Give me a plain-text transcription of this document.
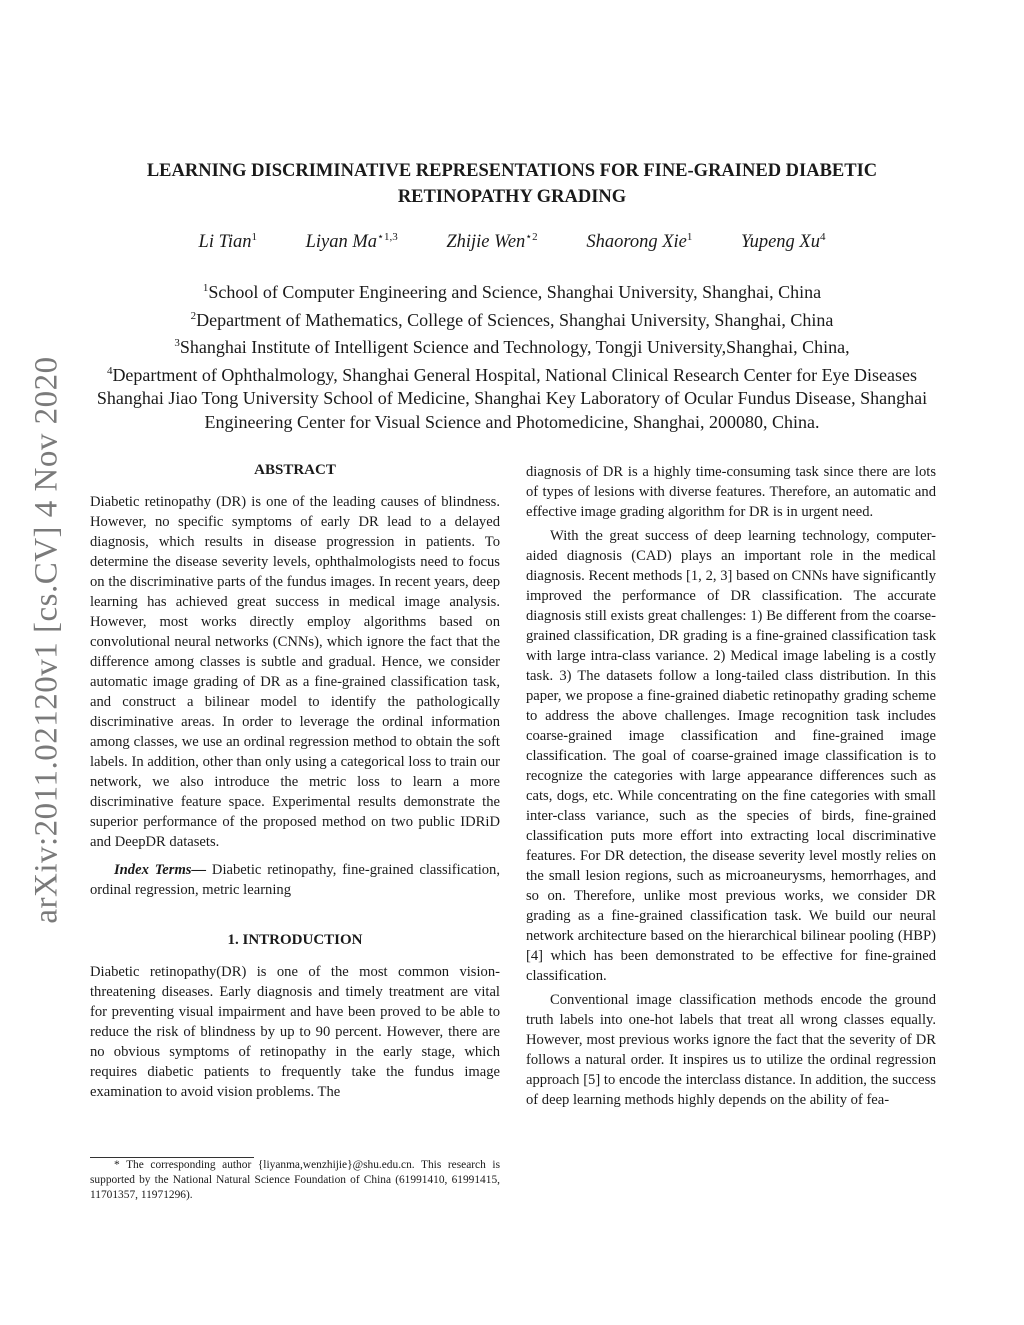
arXiv:2011.02120v1 [cs.CV] 4 Nov 2020
LEARNING DISCRIMINATIVE REPRESENTATIONS FOR FINE-GRAINED DIABETIC RETINOPATHY GRADING
Li Tian$^1$	Liyan $Ma^{⋆1,3}$	Zhijie Wen$^{⋆2}$	Shaorong Xie$^1$	Yupeng Xu$^4$
$^1$School of Computer Engineering and Science, Shanghai University, Shanghai, China
$^2$Department of Mathematics, College of Sciences, Shanghai University, Shanghai, China
$^3$Shanghai Institute of Intelligent Science and Technology, Tongji University,Shanghai, China,
$^4$Department of Ophthalmology, Shanghai General Hospital, National Clinical Research Center for Eye Diseases Shanghai Jiao Tong University School of Medicine, Shanghai Key Laboratory of Ocular Fundus Disease, Shanghai Engineering Center for Visual Science and Photomedicine, Shanghai, 200080, China.
ABSTRACT

Diabetic retinopathy (DR) is one of the leading causes of blindness. However, no specific symptoms of early DR lead to a delayed diagnosis, which results in disease progression in patients. To determine the disease severity levels, ophthalmologists need to focus on the discriminative parts of the fundus images. In recent years, deep learning has achieved great success in medical image analysis. However, most works directly employ algorithms based on convolutional neural networks (CNNs), which ignore the fact that the difference among classes is subtle and gradual. Hence, we consider automatic image grading of DR as a fine-grained classification task, and construct a bilinear model to identify the pathologically discriminative areas. In order to leverage the ordinal information among classes, we use an ordinal regression method to obtain the soft labels. In addition, other than only using a categorical loss to train our network, we also introduce the metric loss to learn a more discriminative feature space. Experimental results demonstrate the superior performance of the proposed method on two public IDRiD and DeepDR datasets.

Index Terms— Diabetic retinopathy, fine-grained classification, ordinal regression, metric learning

1. INTRODUCTION

Diabetic retinopathy(DR) is one of the most common vision-threatening diseases. Early diagnosis and timely treatment are vital for preventing visual impairment and have been proved to be able to reduce the risk of blindness by up to 90 percent. However, there are no obvious symptoms of retinopathy in the early stage, which requires diabetic patients to frequently take the fundus image examination to avoid vision problems. The

* The corresponding author {liyanma,wenzhijie}@shu.edu.cn. This research is supported by the National Natural Science Foundation of China (61991410, 61991415, 11701357, 11971296).

diagnosis of DR is a highly time-consuming task since there are lots of types of lesions with diverse features. Therefore, an automatic and effective image grading algorithm for DR is in urgent need.

With the great success of deep learning technology, computer-aided diagnosis (CAD) plays an important role in the medical diagnosis. Recent methods [1, 2, 3] based on CNNs have significantly improved the performance of DR classification. The accurate diagnosis still exists great challenges: 1) Be different from the coarse-grained classification, DR grading is a fine-grained classification task with large intra-class variance. 2) Medical image labeling is a costly task. 3) The datasets follow a long-tailed class distribution. In this paper, we propose a fine-grained diabetic retinopathy grading scheme to address the above challenges. Image recognition task includes coarse-grained image classification and fine-grained image classification. The goal of coarse-grained image classification is to recognize the categories with large appearance differences such as cats, dogs, etc. While concentrating on the fine categories with small inter-class variance, such as the species of birds, fine-grained classification puts more effort into extracting local discriminative features. For DR detection, the disease severity level mostly relies on the small lesion regions, such as microaneurysms, hemorrhages, and so on. Therefore, unlike most previous works, we consider DR grading as a fine-grained classification task. We build our neural network architecture based on the hierarchical bilinear pooling (HBP) [4] which has been demonstrated to be effective for fine-grained classification.

Conventional image classification methods encode the ground truth labels into one-hot labels that treat all wrong classes equally. However, most previous works ignore the fact that the severity of DR follows a natural order. It inspires us to utilize the ordinal regression approach [5] to encode the interclass distance. In addition, the success of deep learning methods highly depends on the ability of fea-
